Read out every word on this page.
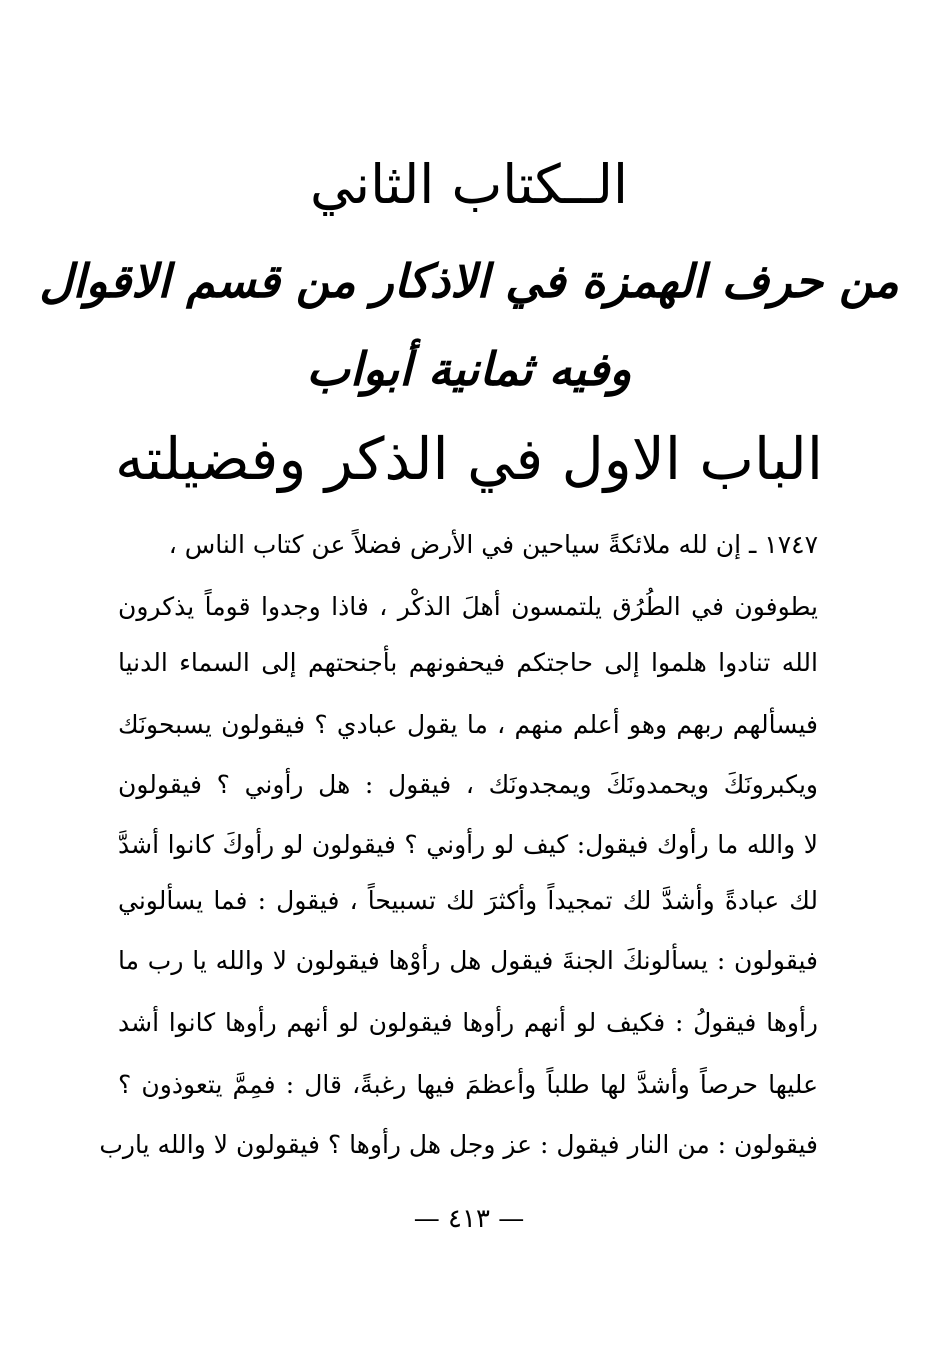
الــكتاب الثاني
من حرف الهمزة في الاذكار من قسم الاقوال
وفيه ثمانية أبواب
الباب الاول في الذكر وفضيلته
١٧٤٧ ـ إن لله ملائكةً سياحين في الأرض فضلاً عن كتاب الناس ،
يطوفون في الطُرُق يلتمسون أهلَ الذكْر ، فاذا وجدوا قوماً يذكرون
الله تنادوا هلموا إلى حاجتكم فيحفونهم بأجنحتهم إلى السماء الدنيا
فيسألهم ربهم وهو أعلم منهم ، ما يقول عبادي ؟ فيقولون يسبحونَك
ويكبرونَكَ ويحمدونَكَ ويمجدونَك ، فيقول : هل رأوني ؟ فيقولون
لا والله ما رأوك فيقول: كيف لو رأوني ؟ فيقولون لو رأوكَ كانوا أشدَّ
لك عبادةً وأشدَّ لك تمجيداً وأكثرَ لك تسبيحاً ، فيقول : فما يسألوني
فيقولون : يسألونكَ الجنةَ فيقول هل رأوْها فيقولون لا والله يا رب ما
رأوها فيقولُ : فكيف لو أنهم رأوها فيقولون لو أنهم رأوها كانوا أشد
عليها حرصاً وأشدَّ لها طلباً وأعظمَ فيها رغبةً، قال : فمِمَّ يتعوذون ؟
فيقولون : من النار فيقول : عز وجل هل رأوها ؟ فيقولون لا والله يارب
— ٤١٣ —
